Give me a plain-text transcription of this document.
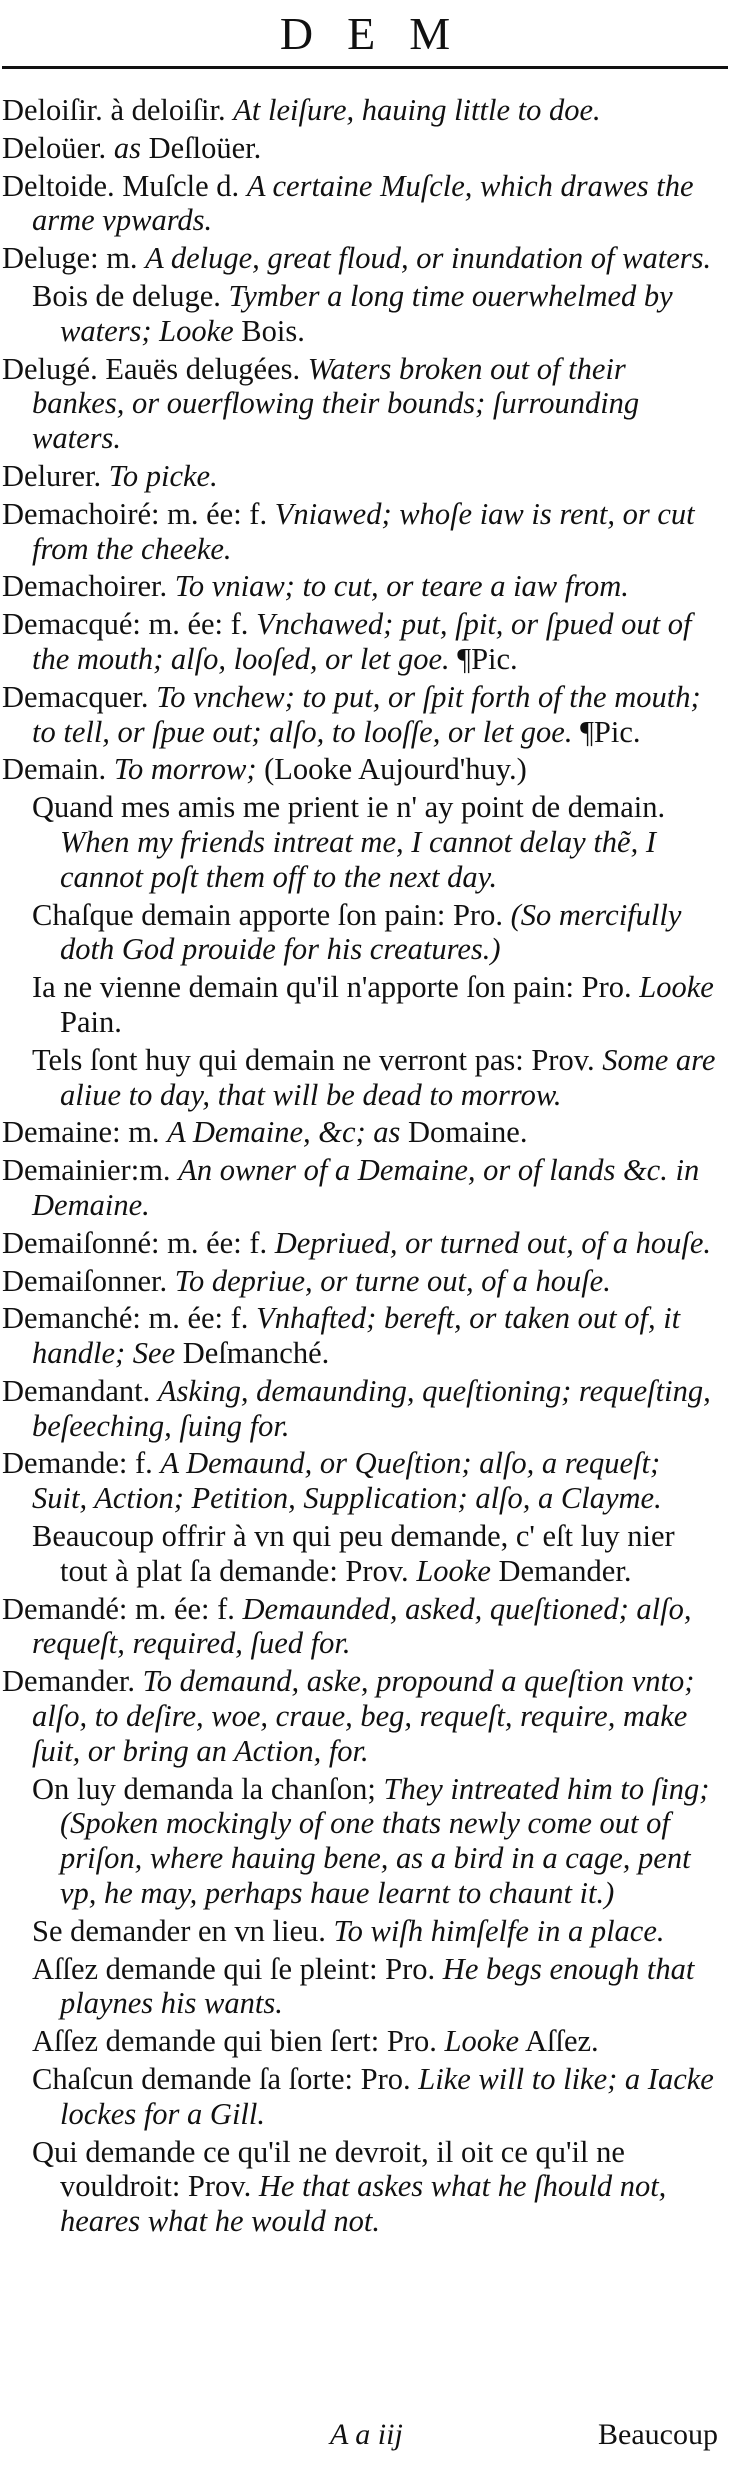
DEM
Deloiſir. à deloiſir. At leiſure, hauing little to doe.
Deloüer. as Deſloüer.
Deltoide. Muſcle d. A certaine Muſcle, which drawes the arme vpwards.
Deluge: m. A deluge, great floud, or inundation of waters.
Bois de deluge. Tymber a long time ouerwhelmed by waters; Looke Bois.
Delugé. Eauës delugées. Waters broken out of their bankes, or ouerflowing their bounds; ſurrounding waters.
Delurer. To picke.
Demachoiré: m. ée: f. Vniawed; whoſe iaw is rent, or cut from the cheeke.
Demachoirer. To vniaw; to cut, or teare a iaw from.
Demacqué: m. ée: f. Vnchawed; put, ſpit, or ſpued out of the mouth; alſo, looſed, or let goe. ¶Pic.
Demacquer. To vnchew; to put, or ſpit forth of the mouth; to tell, or ſpue out; alſo, to looſſe, or let goe. ¶Pic.
Demain. To morrow; (Looke Aujourd'huy.)
Quand mes amis me prient ie n' ay point de demain. When my friends intreat me, I cannot delay thẽ, I cannot poſt them off to the next day.
Chaſque demain apporte ſon pain: Pro. (So mercifully doth God prouide for his creatures.)
Ia ne vienne demain qu'il n'apporte ſon pain: Pro. Looke Pain.
Tels ſont huy qui demain ne verront pas: Prov. Some are aliue to day, that will be dead to morrow.
Demaine: m. A Demaine, &c; as Domaine.
Demainier:m. An owner of a Demaine, or of lands &c. in Demaine.
Demaiſonné: m. ée: f. Depriued, or turned out, of a houſe.
Demaiſonner. To depriue, or turne out, of a houſe.
Demanché: m. ée: f. Vnhafted; bereft, or taken out of, it handle; See Deſmanché.
Demandant. Asking, demaunding, queſtioning; requeſting, beſeeching, ſuing for.
Demande: f. A Demaund, or Queſtion; alſo, a requeſt; Suit, Action; Petition, Supplication; alſo, a Clayme.
Beaucoup offrir à vn qui peu demande, c' eſt luy nier tout à plat ſa demande: Prov. Looke Demander.
Demandé: m. ée: f. Demaunded, asked, queſtioned; alſo, requeſt, required, ſued for.
Demander. To demaund, aske, propound a queſtion vnto; alſo, to deſire, woe, craue, beg, requeſt, require, make ſuit, or bring an Action, for.
On luy demanda la chanſon; They intreated him to ſing; (Spoken mockingly of one thats newly come out of priſon, where hauing bene, as a bird in a cage, pent vp, he may, perhaps haue learnt to chaunt it.)
Se demander en vn lieu. To wiſh himſelfe in a place.
Aſſez demande qui ſe pleint: Pro. He begs enough that playnes his wants.
Aſſez demande qui bien ſert: Pro. Looke Aſſez.
Chaſcun demande ſa ſorte: Pro. Like will to like; a Iacke lockes for a Gill.
Qui demande ce qu'il ne devroit, il oit ce qu'il ne vouldroit: Prov. He that askes what he ſhould not, heares what he would not.
A a iij	Beaucoup
